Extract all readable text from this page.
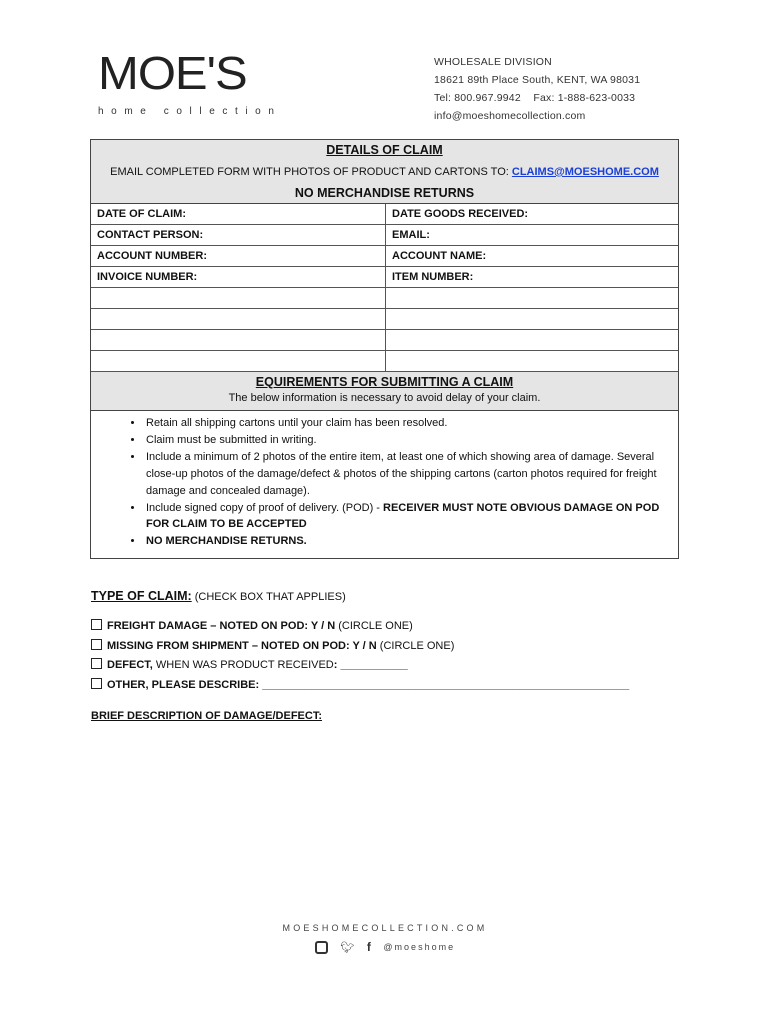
MOE'S
home collection
WHOLESALE DIVISION
18621 89th Place South, KENT, WA 98031
Tel: 800.967.9942    Fax: 1-888-623-0033
info@moeshomecollection.com
DETAILS OF CLAIM
EMAIL COMPLETED FORM WITH PHOTOS OF PRODUCT AND CARTONS TO: CLAIMS@MOESHOME.COM
NO MERCHANDISE RETURNS
DATE OF CLAIM:	DATE GOODS RECEIVED:
CONTACT PERSON:	EMAIL:
ACCOUNT NUMBER:	ACCOUNT NAME:
INVOICE NUMBER:	ITEM NUMBER:
EQUIREMENTS FOR SUBMITTING A CLAIM
The below information is necessary to avoid delay of your claim.
• Retain all shipping cartons until your claim has been resolved.
• Claim must be submitted in writing.
• Include a minimum of 2 photos of the entire item, at least one of which showing area of damage. Several close-up photos of the damage/defect & photos of the shipping cartons (carton photos required for freight damage and concealed damage).
• Include signed copy of proof of delivery. (POD) - RECEIVER MUST NOTE OBVIOUS DAMAGE ON POD FOR CLAIM TO BE ACCEPTED
• NO MERCHANDISE RETURNS.
TYPE OF CLAIM: (CHECK BOX THAT APPLIES)
FREIGHT DAMAGE – NOTED ON POD: Y / N (CIRCLE ONE)
MISSING FROM SHIPMENT – NOTED ON POD: Y / N (CIRCLE ONE)
DEFECT, WHEN WAS PRODUCT RECEIVED: ___________
OTHER, PLEASE DESCRIBE: ____________________________________________________________
BRIEF DESCRIPTION OF DAMAGE/DEFECT:
MOESHOMECOLLECTION.COM
🐦︎ f @moeshome
